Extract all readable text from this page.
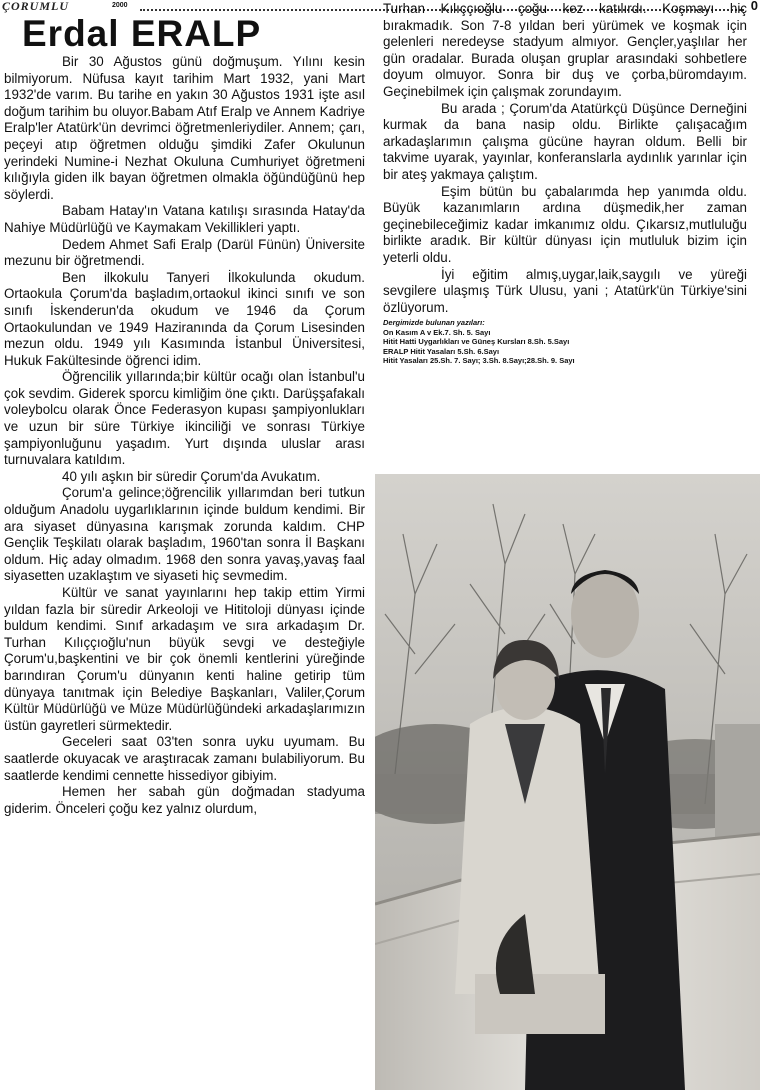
ÇORUMLU	2000	0
Erdal ERALP

Bir 30 Ağustos günü doğmuşum. Yılını kesin bilmiyorum. Nüfusa kayıt tarihim Mart 1932, yani Mart 1932'de varım. Bu tarihe en yakın 30 Ağustos 1931 işte asıl doğum tarihim bu oluyor.Babam Atıf Eralp ve Annem Kadriye Eralp'ler Atatürk'ün devrimci öğretmenleriydiler. Annem; çarı, peçeyi atıp öğretmen olduğu şimdiki Zafer Okulunun yerindeki Numine-i Nezhat Okuluna Cumhuriyet öğretmeni kılığıyla giden ilk bayan öğretmen olmakla öğündüğünü hep söylerdi.

Babam Hatay'ın Vatana katılışı sırasında Hatay'da Nahiye Müdürlüğü ve Kaymakam Vekillikleri yaptı.

Dedem Ahmet Safi Eralp (Darül Fünün) Üniversite mezunu bir öğretmendi.

Ben ilkokulu Tanyeri İlkokulunda okudum. Ortaokula Çorum'da başladım,ortaokul ikinci sınıfı ve son sınıfı İskenderun'da okudum ve 1946 da Çorum Ortaokulundan ve 1949 Haziranında da Çorum Lisesinden mezun oldu. 1949 yılı Kasımında İstanbul Üniversitesi, Hukuk Fakültesinde öğrenci idim.

Öğrencilik yıllarında;bir kültür ocağı olan İstanbul'u çok sevdim. Giderek sporcu kimliğim öne çıktı. Darüşşafakalı voleybolcu olarak Önce Federasyon kupası şampiyonlukları ve uzun bir süre Türkiye ikinciliği ve sonrası Türkiye şampiyonluğunu yaşadım. Yurt dışında uluslar arası turnuvalara katıldım.

40 yılı aşkın bir süredir Çorum'da Avukatım.

Çorum'a gelince;öğrencilik yıllarımdan beri tutkun olduğum Anadolu uygarlıklarının içinde buldum kendimi. Bir ara siyaset dünyasına karışmak zorunda kaldım. CHP Gençlik Teşkilatı olarak başladım, 1960'tan sonra İl Başkanı oldum. Hiç aday olmadım. 1968 den sonra yavaş,yavaş faal siyasetten uzaklaştım ve siyaseti hiç sevmedim.

Kültür ve sanat yayınlarını hep takip ettim Yirmi yıldan fazla bir süredir Arkeoloji ve Hititoloji dünyası içinde buldum kendimi. Sınıf arkadaşım ve sıra arkadaşım Dr. Turhan Kılıççıoğlu'nun büyük sevgi ve desteğiyle Çorum'u,başkentini ve bir çok önemli kentlerini yüreğinde barındıran Çorum'u dünyanın kenti haline getirip tüm dünyaya tanıtmak için Belediye Başkanları, Valiler,Çorum Kültür Müdürlüğü ve Müze Müdürlüğündeki arkadaşlarımızın üstün gayretleri sürmektedir.

Geceleri saat 03'ten sonra uyku uyumam. Bu saatlerde okuyacak ve araştıracak zamanı bulabiliyorum. Bu saatlerde kendimi cennette hissediyor gibiyim.

Hemen her sabah gün doğmadan stadyuma giderim. Önceleri çoğu kez yalnız olurdum,

Turhan Kılıççıoğlu çoğu kez katılırdı. Koşmayı hiç bırakmadık. Son 7-8 yıldan beri yürümek ve koşmak için gelenleri neredeyse stadyum almıyor. Gençler,yaşlılar her gün oradalar. Burada oluşan gruplar arasındaki sohbetlere doyum olmuyor. Sonra bir duş ve çorba,büromdayım. Geçinebilmek için çalışmak zorundayım.

Bu arada ; Çorum'da Atatürkçü Düşünce Derneğini kurmak da bana nasip oldu. Birlikte çalışacağım arkadaşlarımın çalışma gücüne hayran oldum. Belli bir takvime uyarak, yayınlar, konferanslarla aydınlık yarınlar için bir ateş yakmaya çalıştım.

Eşim bütün bu çabalarımda hep yanımda oldu. Büyük kazanımların ardına düşmedik,her zaman geçinebileceğimiz kadar imkanımız oldu. Çıkarsız,mutluluğu birlikte aradık. Bir kültür dünyası için mutluluk bizim için yeterli oldu.

İyi eğitim almış,uygar,laik,saygılı ve yüreği sevgilere ulaşmış Türk Ulusu, yani ; Atatürk'ün Türkiye'sini özlüyorum.

Dergimizde bulunan yazıları:
On Kasım A v Ek.7. Sh. 5. Sayı
Hitit Hatti Uygarlıkları ve Güneş Kursları 8.Sh. 5.Sayı
ERALP Hitit Yasaları 5.Sh. 6.Sayı
Hitit Yasaları 25.Sh. 7. Sayı; 3.Sh. 8.Sayı;28.Sh. 9. Sayı
